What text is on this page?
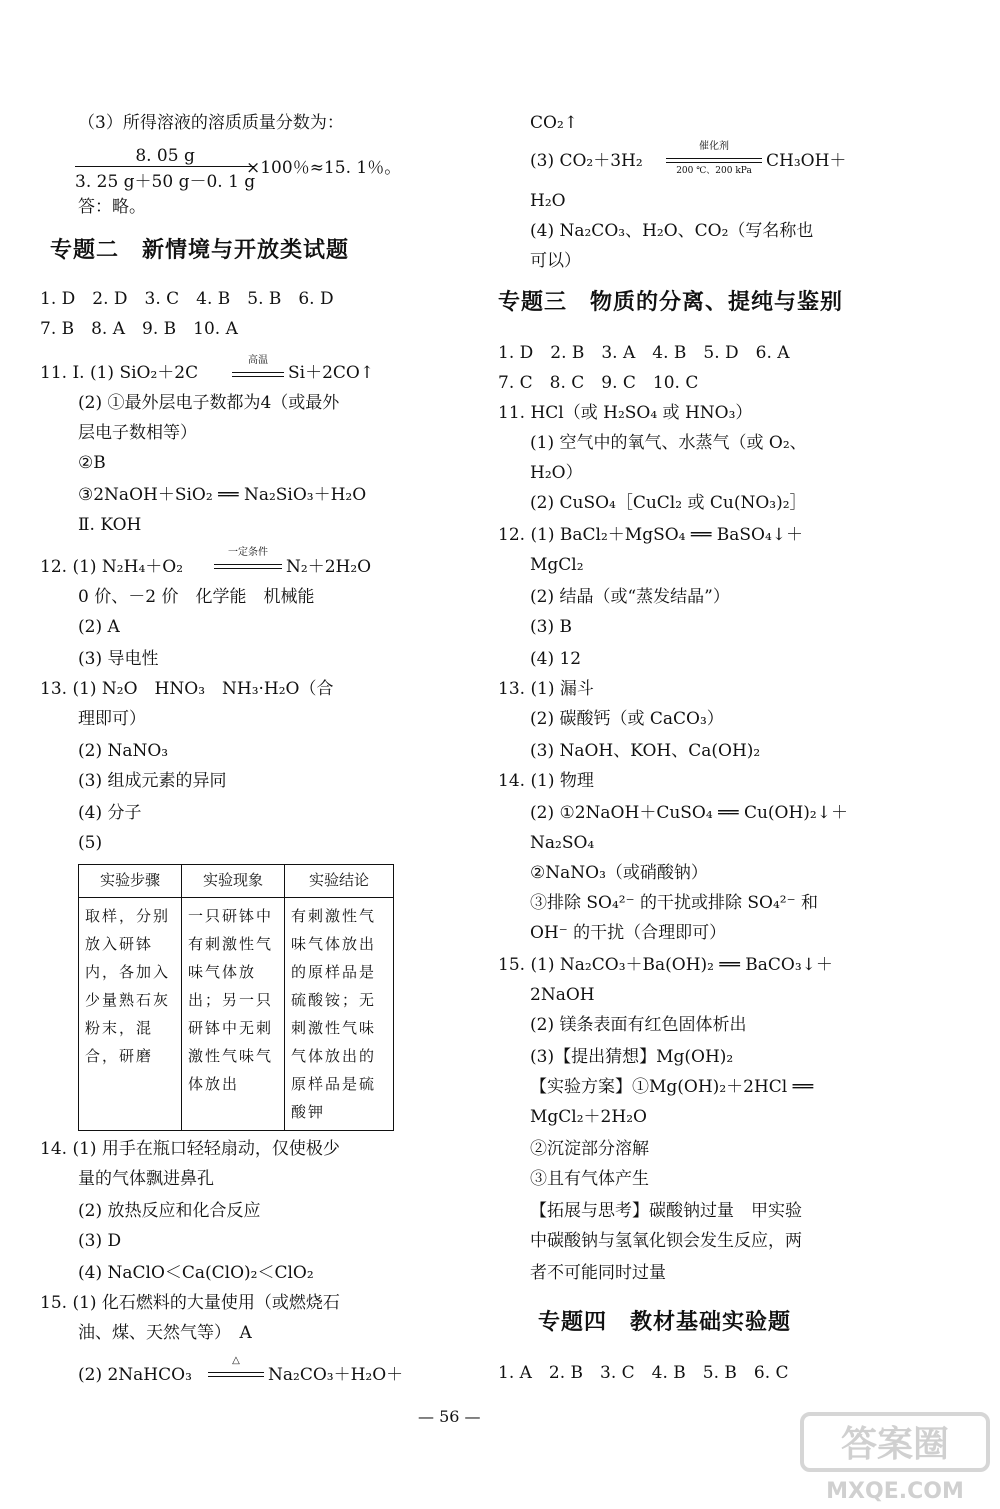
（3）所得溶液的溶质质量分数为：
$\frac{8. 05 g}{3. 25 g+50 g-0. 1 g}$
×100％≈15. 1％。
答：略。
专题二　新情境与开放类试题
1. D　2. D　3. C　4. B　5. B　6. D
7. B　8. A　9. B　10. A
11. Ⅰ. (1) SiO₂＋2C
高温
Si＋2CO↑
(2) ①最外层电子数都为4（或最外
层电子数相等）
②B
③2NaOH＋SiO₂ ══ Na₂SiO₃＋H₂O
Ⅱ. KOH
12. (1) N₂H₄＋O₂
一定条件
N₂＋2H₂O
0 价、－2 价　化学能　机械能
(2) A
(3) 导电性
13. (1) N₂O　HNO₃　NH₃·H₂O（合
理即可）
(2) NaNO₃
(3) 组成元素的异同
(4) 分子
(5)
实验步骤	实验现象	实验结论
取样，分别放入研钵内，各加入少量熟石灰粉末，混合，研磨	一只研钵中有刺激性气味气体放出；另一只研钵中无刺激性气味气体放出	有刺激性气味气体放出的原样品是硫酸铵；无刺激性气味气体放出的原样品是硫酸钾
14. (1) 用手在瓶口轻轻扇动，仅使极少
量的气体飘进鼻孔
(2) 放热反应和化合反应
(3) D
(4) NaClO＜Ca(ClO)₂＜ClO₂
15. (1) 化石燃料的大量使用（或燃烧石
油、煤、天然气等）　A
(2) 2NaHCO₃
△
Na₂CO₃＋H₂O＋
CO₂↑
(3) CO₂＋3H₂
催化剂
200 ℃、200 kPa CH₃OH＋
H₂O
(4) Na₂CO₃、H₂O、CO₂（写名称也
可以）
专题三　物质的分离、提纯与鉴别
1. D　2. B　3. A　4. B　5. D　6. A
7. C　8. C　9. C　10. C
11. HCl（或 H₂SO₄ 或 HNO₃）
(1) 空气中的氧气、水蒸气（或 O₂、
H₂O）
(2) CuSO₄［CuCl₂ 或 Cu(NO₃)₂］
12. (1) BaCl₂＋MgSO₄ ══ BaSO₄↓＋
MgCl₂
(2) 结晶（或“蒸发结晶”）
(3) B
(4) 12
13. (1) 漏斗
(2) 碳酸钙（或 CaCO₃）
(3) NaOH、KOH、Ca(OH)₂
14. (1) 物理
(2) ①2NaOH＋CuSO₄ ══ Cu(OH)₂↓＋
Na₂SO₄
②NaNO₃（或硝酸钠）
③排除 SO₄²⁻ 的干扰或排除 SO₄²⁻ 和
OH⁻ 的干扰（合理即可）
15. (1) Na₂CO₃＋Ba(OH)₂ ══ BaCO₃↓＋
2NaOH
(2) 镁条表面有红色固体析出
(3)【提出猜想】Mg(OH)₂
【实验方案】①Mg(OH)₂＋2HCl ══
MgCl₂＋2H₂O
②沉淀部分溶解
③且有气体产生
【拓展与思考】碳酸钠过量　甲实验
中碳酸钠与氢氧化钡会发生反应，两
者不可能同时过量
专题四　教材基础实验题
1. A　2. B　3. C　4. B　5. B　6. C
— 56 —
答案圈
MXQE.COM
